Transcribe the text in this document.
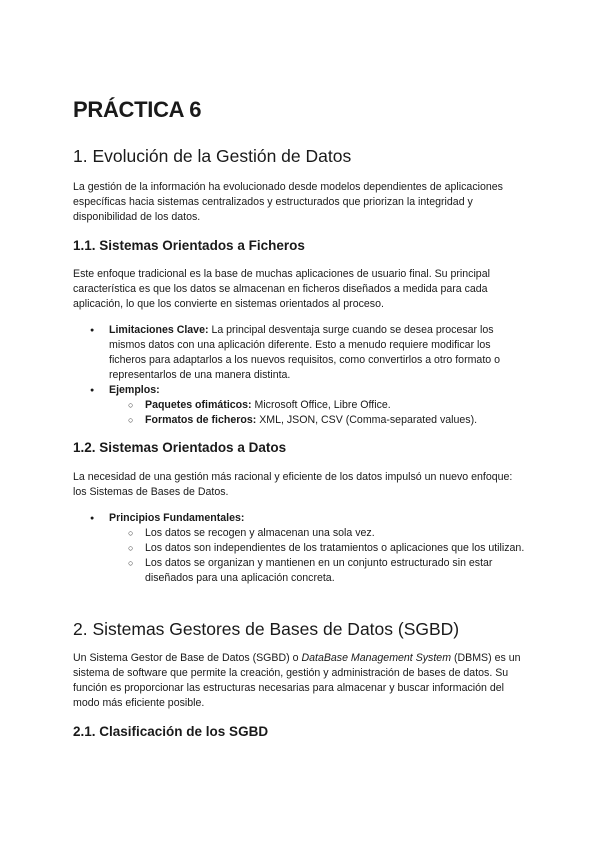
PRÁCTICA 6
1. Evolución de la Gestión de Datos

La gestión de la información ha evolucionado desde modelos dependientes de aplicaciones específicas hacia sistemas centralizados y estructurados que priorizan la integridad y disponibilidad de los datos.

1.1. Sistemas Orientados a Ficheros

Este enfoque tradicional es la base de muchas aplicaciones de usuario final. Su principal característica es que los datos se almacenan en ficheros diseñados a medida para cada aplicación, lo que los convierte en sistemas orientados al proceso.

● Limitaciones Clave: La principal desventaja surge cuando se desea procesar los mismos datos con una aplicación diferente. Esto a menudo requiere modificar los ficheros para adaptarlos a los nuevos requisitos, como convertirlos a otro formato o representarlos de una manera distinta.
● Ejemplos:
○ Paquetes ofimáticos: Microsoft Office, Libre Office.
○ Formatos de ficheros: XML, JSON, CSV (Comma-separated values).
1.2. Sistemas Orientados a Datos

La necesidad de una gestión más racional y eficiente de los datos impulsó un nuevo enfoque: los Sistemas de Bases de Datos.

● Principios Fundamentales:
○ Los datos se recogen y almacenan una sola vez.
○ Los datos son independientes de los tratamientos o aplicaciones que los utilizan.
○ Los datos se organizan y mantienen en un conjunto estructurado sin estar diseñados para una aplicación concreta.
2. Sistemas Gestores de Bases de Datos (SGBD)

Un Sistema Gestor de Base de Datos (SGBD) o DataBase Management System (DBMS) es un sistema de software que permite la creación, gestión y administración de bases de datos. Su función es proporcionar las estructuras necesarias para almacenar y buscar información del modo más eficiente posible.

2.1. Clasificación de los SGBD
